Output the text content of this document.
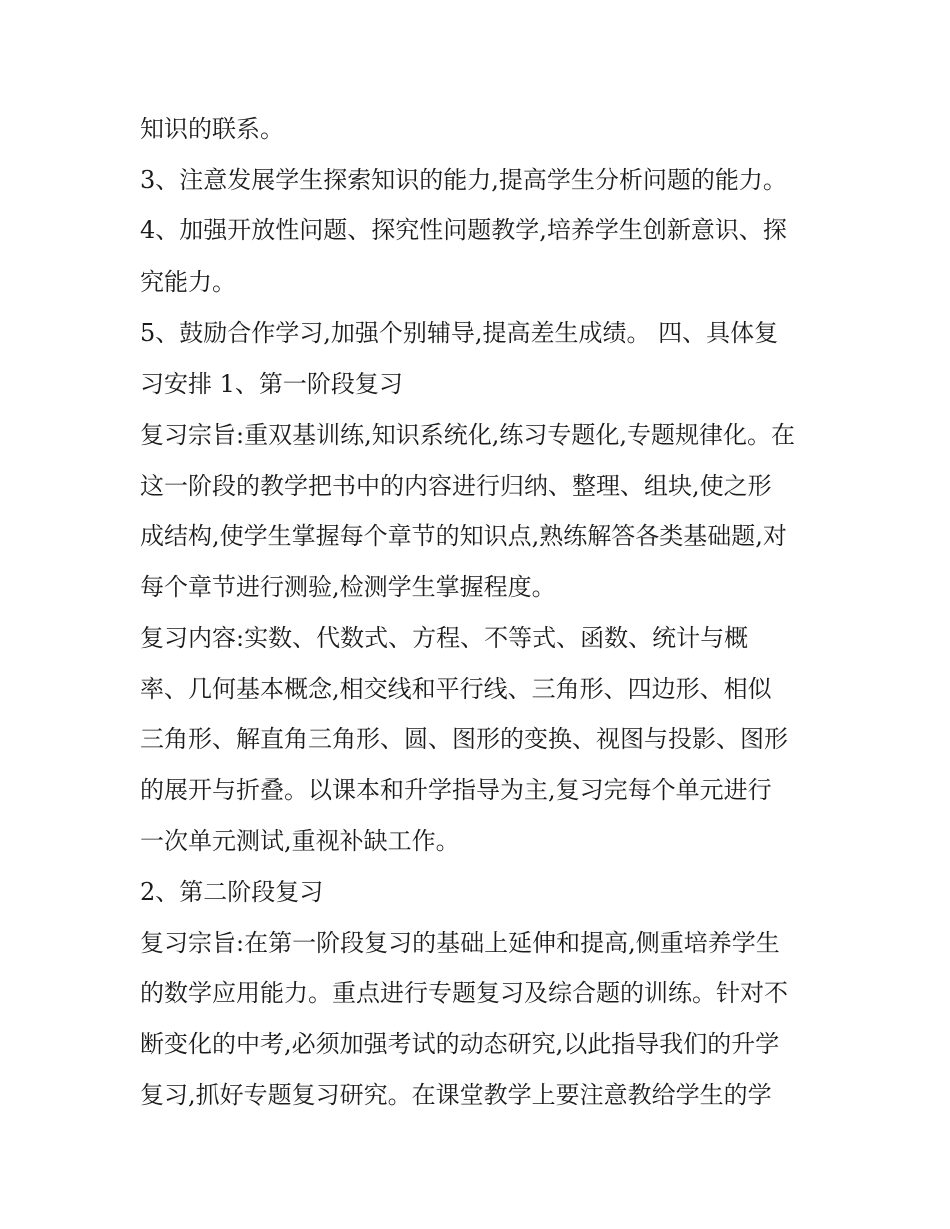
知识的联系。
3、注意发展学生探索知识的能力,提高学生分析问题的能力。
4、加强开放性问题、探究性问题教学,培养学生创新意识、探
究能力。
5、鼓励合作学习,加强个别辅导,提高差生成绩。 四、具体复
习安排 1、第一阶段复习
复习宗旨:重双基训练,知识系统化,练习专题化,专题规律化。在
这一阶段的教学把书中的内容进行归纳、整理、组块,使之形
成结构,使学生掌握每个章节的知识点,熟练解答各类基础题,对
每个章节进行测验,检测学生掌握程度。
复习内容:实数、代数式、方程、不等式、函数、统计与概
率、几何基本概念,相交线和平行线、三角形、四边形、相似
三角形、解直角三角形、圆、图形的变换、视图与投影、图形
的展开与折叠。以课本和升学指导为主,复习完每个单元进行
一次单元测试,重视补缺工作。
2、第二阶段复习
复习宗旨:在第一阶段复习的基础上延伸和提高,侧重培养学生
的数学应用能力。重点进行专题复习及综合题的训练。针对不
断变化的中考,必须加强考试的动态研究,以此指导我们的升学
复习,抓好专题复习研究。在课堂教学上要注意教给学生的学
